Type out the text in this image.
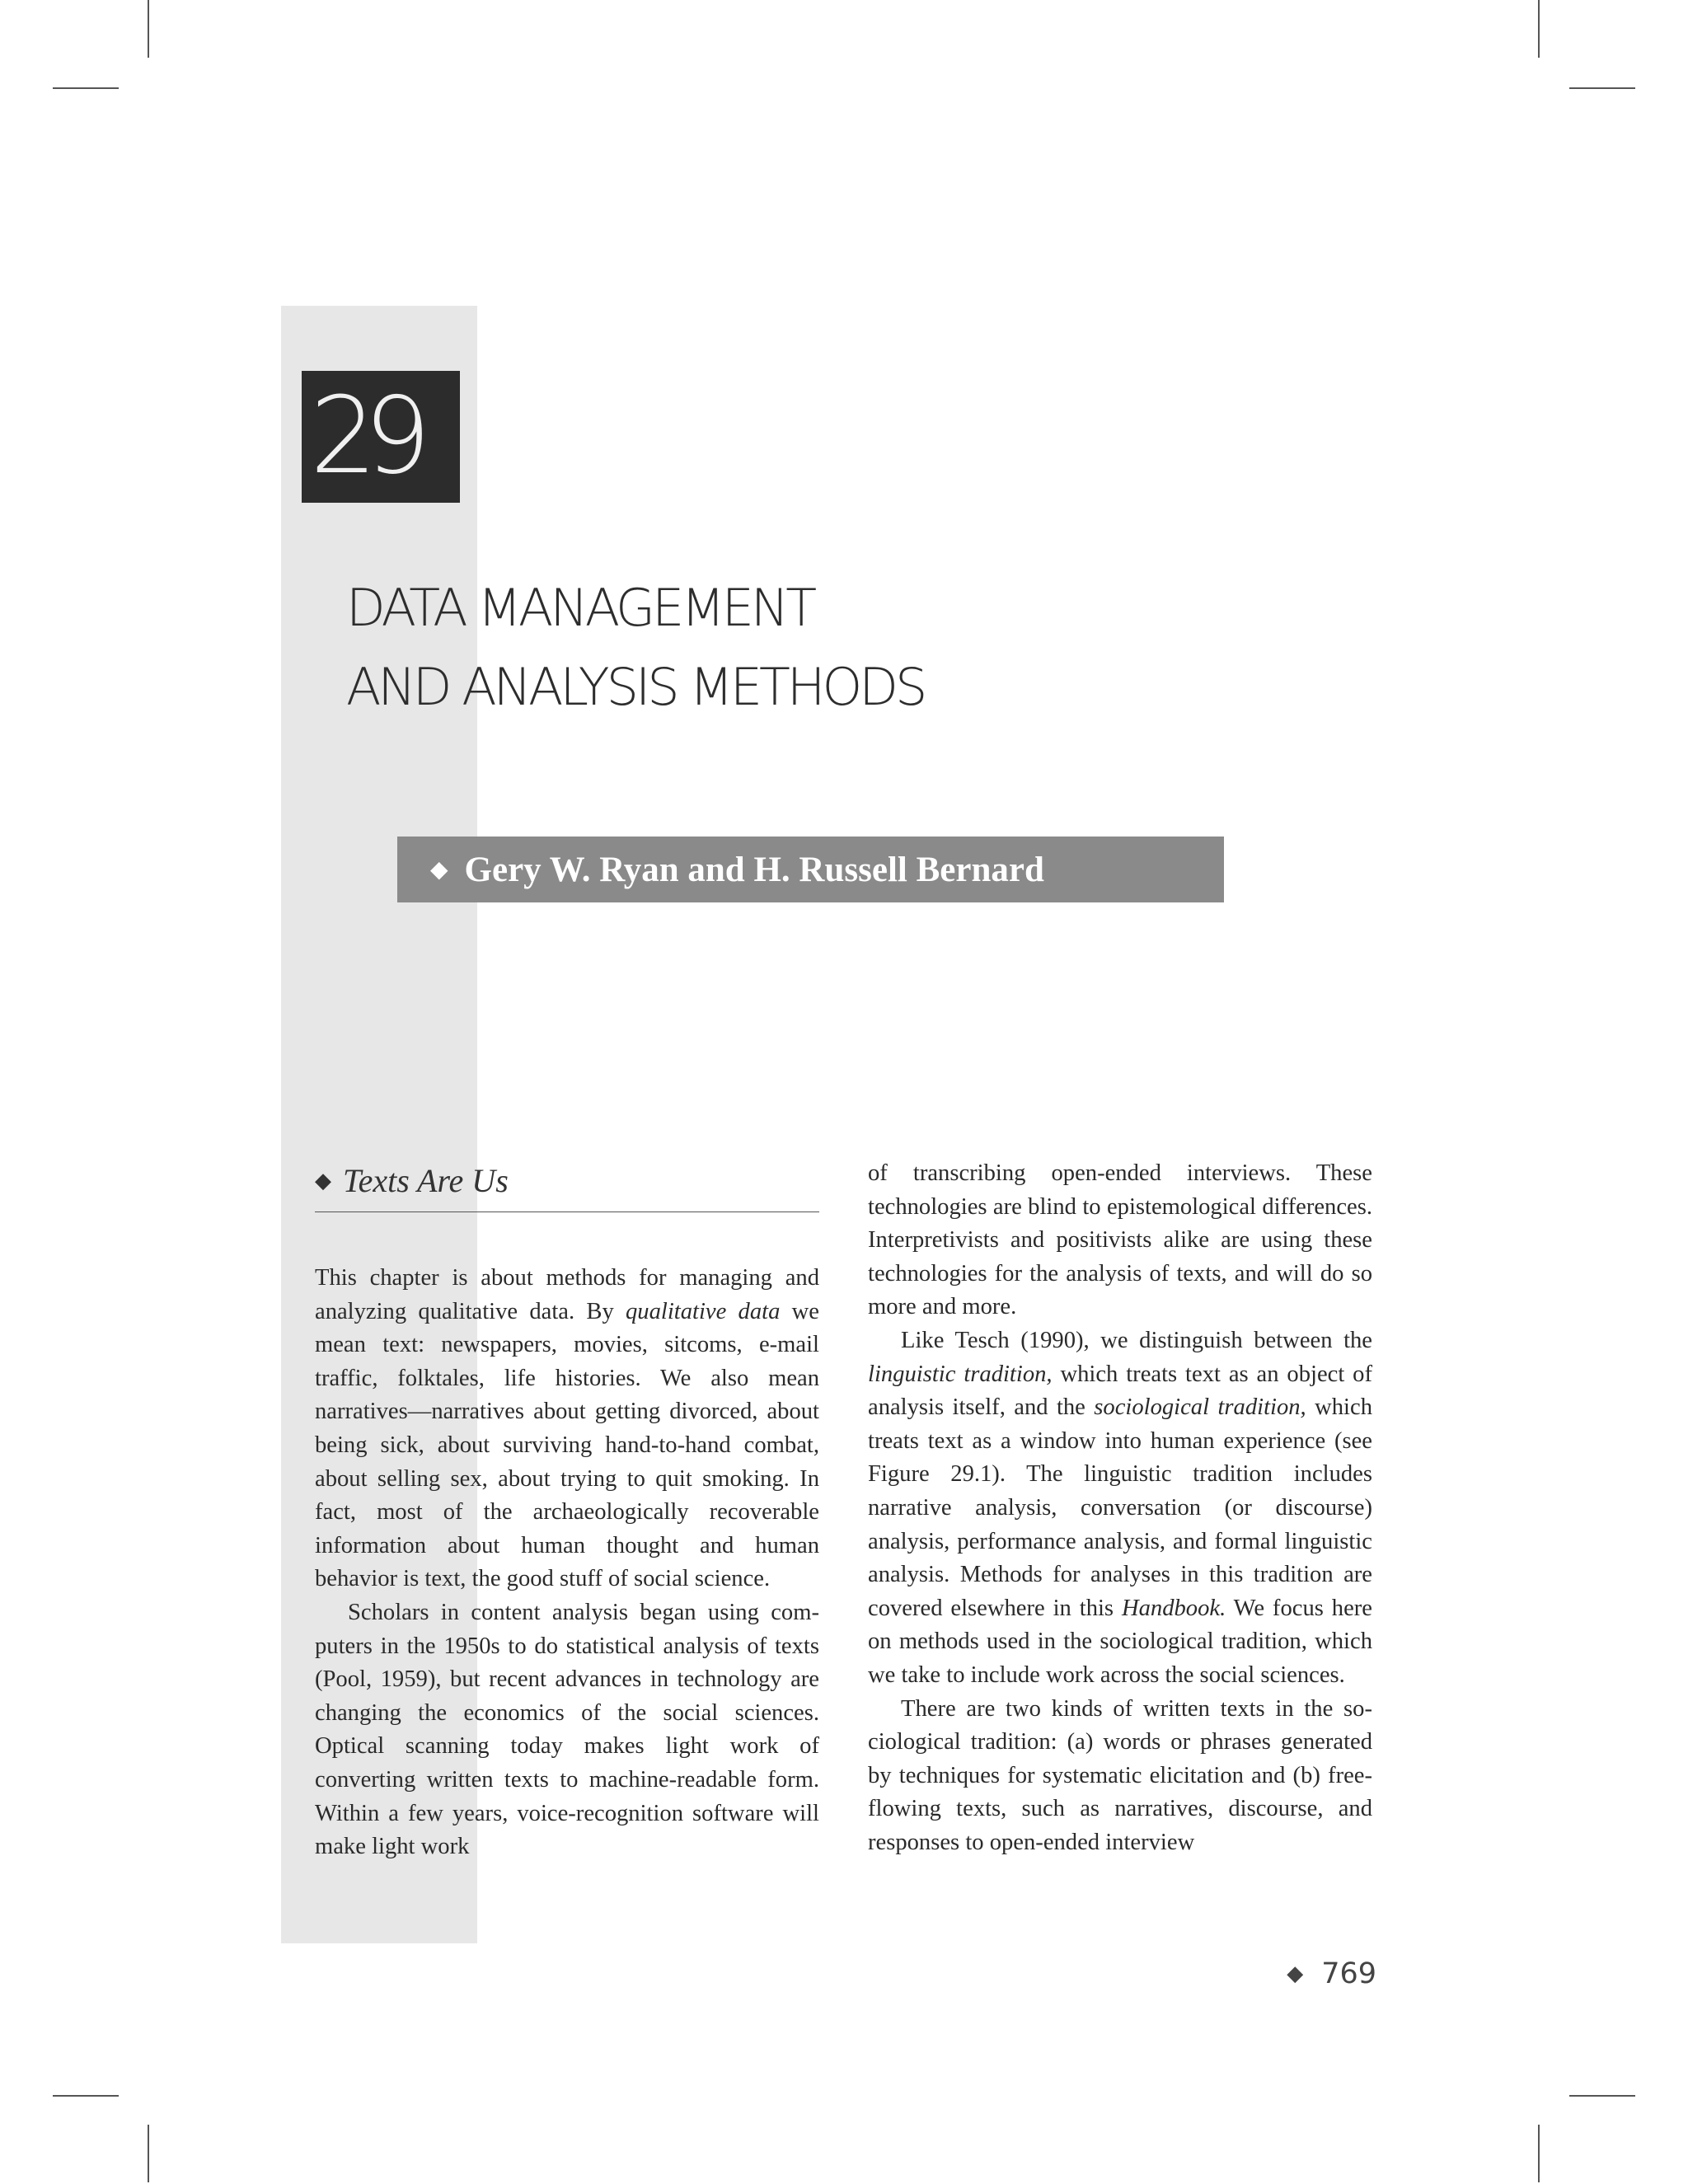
29
DATA MANAGEMENT
AND ANALYSIS METHODS
◆ Gery W. Ryan and H. Russell Bernard
◆ Texts Are Us

This chapter is about methods for managing and analyzing qualitative data. By qualitative data we mean text: newspapers, movies, sitcoms, e-mail traffic, folktales, life histories. We also mean narratives—narratives about getting divorced, about being sick, about surviving hand-to-hand combat, about selling sex, about trying to quit smoking. In fact, most of the archaeologically recoverable information about human thought and human behavior is text, the good stuff of social science.

Scholars in content analysis began using computers in the 1950s to do statistical analysis of texts (Pool, 1959), but recent advances in technology are changing the economics of the social sciences. Optical scanning today makes light work of converting written texts to machine-readable form. Within a few years, voice-recognition software will make light work

of transcribing open-ended interviews. These technologies are blind to epistemological differences. Interpretivists and positivists alike are using these technologies for the analysis of texts, and will do so more and more.

Like Tesch (1990), we distinguish between the linguistic tradition, which treats text as an object of analysis itself, and the sociological tradition, which treats text as a window into human experience (see Figure 29.1). The linguistic tradition includes narrative analysis, conversation (or discourse) analysis, performance analysis, and formal linguistic analysis. Methods for analyses in this tradition are covered elsewhere in this Handbook. We focus here on methods used in the sociological tradition, which we take to include work across the social sciences.

There are two kinds of written texts in the sociological tradition: (a) words or phrases generated by techniques for systematic elicitation and (b) free-flowing texts, such as narratives, discourse, and responses to open-ended interview

◆ 769
